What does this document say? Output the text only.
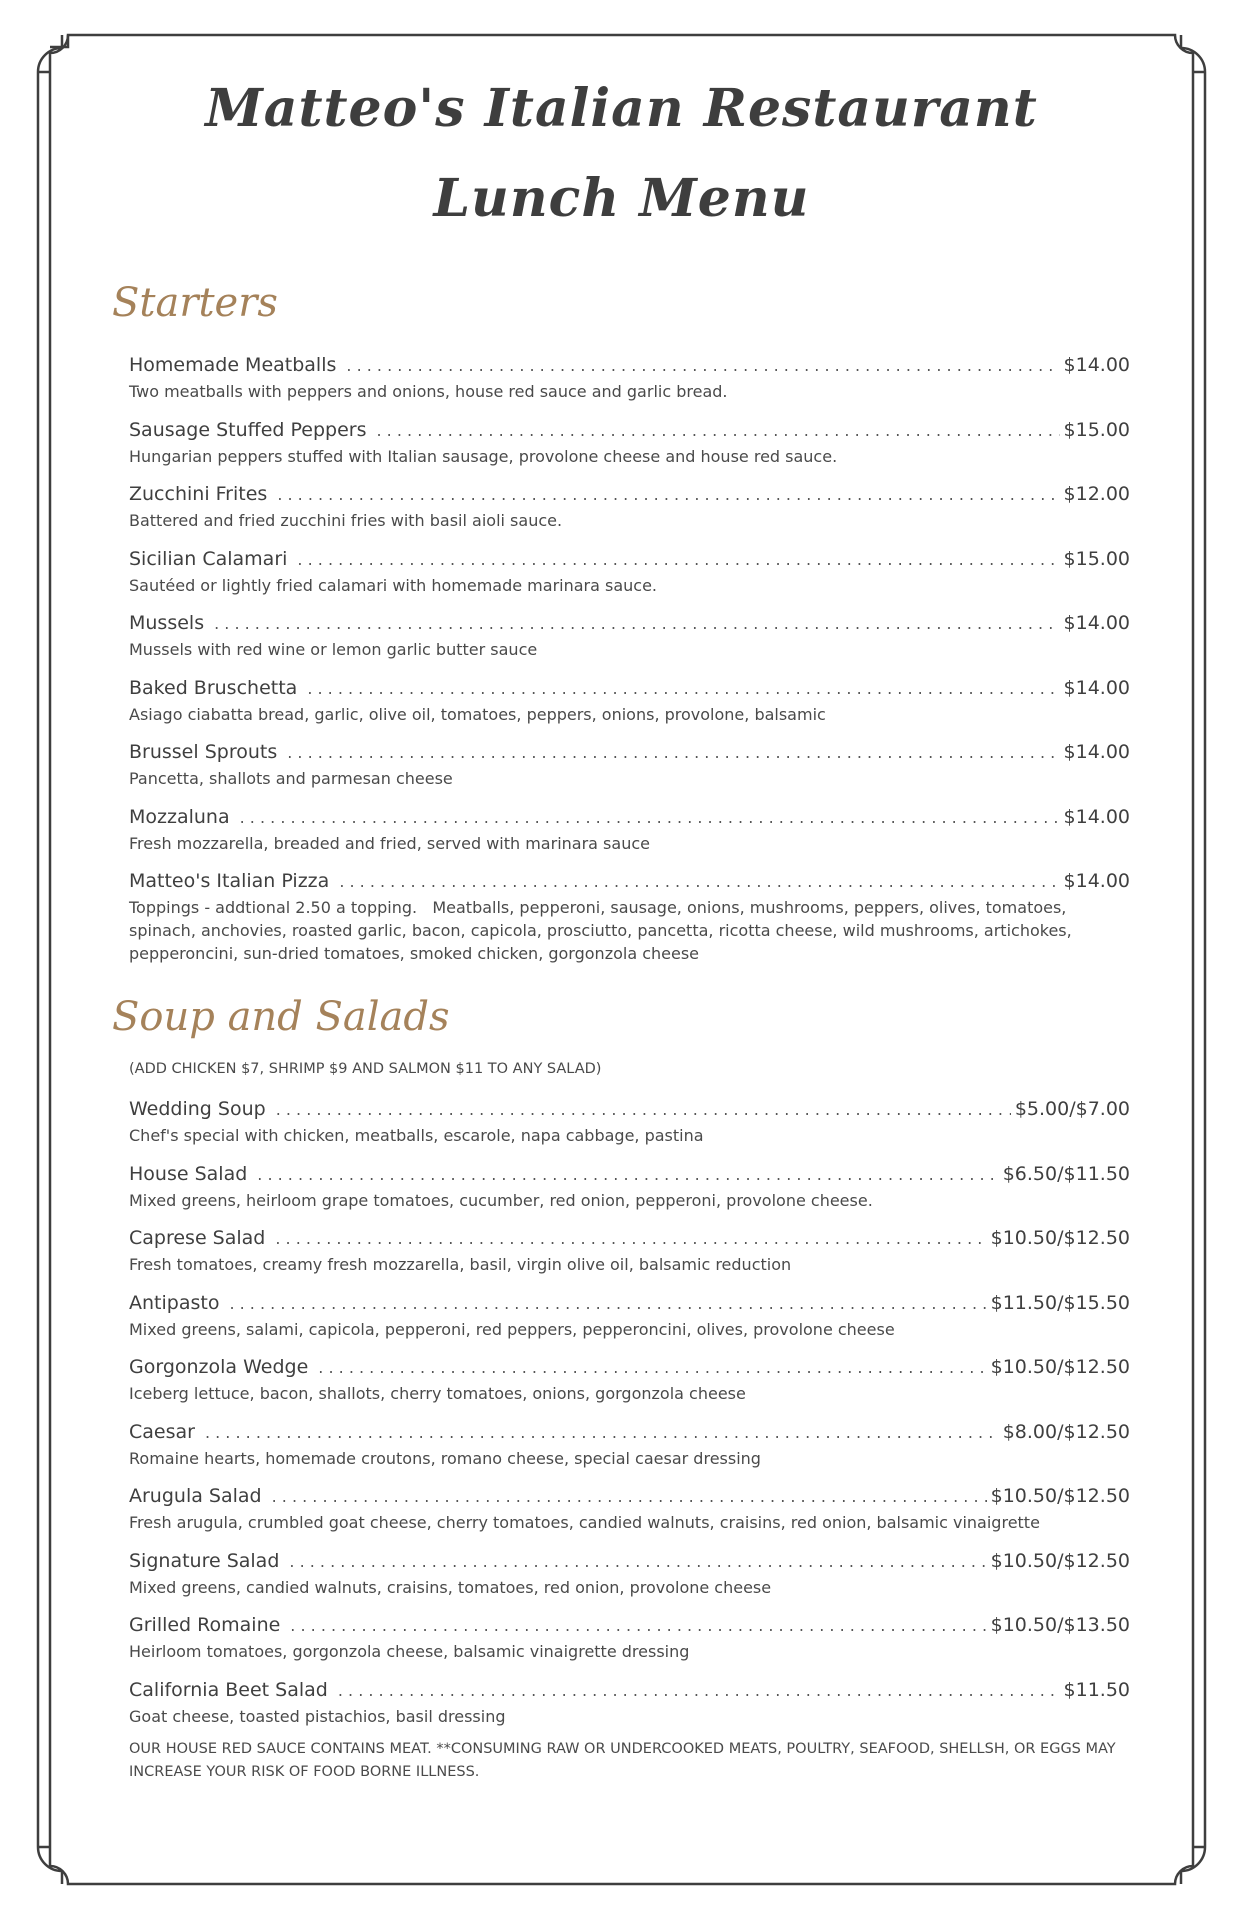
Matteo's Italian Restaurant
Lunch Menu
Starters
Homemade Meatballs . . .	$14.00

Two meatballs with peppers and onions, house red sauce and garlic bread.

Sausage Stuffed Peppers . . .	$15.00

Hungarian peppers stuffed with Italian sausage, provolone cheese and house red sauce.

Zucchini Frites . . .	$12.00

Battered and fried zucchini fries with basil aioli sauce.

Sicilian Calamari . . .	$15.00

Sautéed or lightly fried calamari with homemade marinara sauce.

Mussels . . .	$14.00

Mussels with red wine or lemon garlic butter sauce

Baked Bruschetta . . .	$14.00

Asiago ciabatta bread, garlic, olive oil, tomatoes, peppers, onions, provolone, balsamic

Brussel Sprouts . . .	$14.00

Pancetta, shallots and parmesan cheese

Mozzaluna . . .	$14.00

Fresh mozzarella, breaded and fried, served with marinara sauce

Matteo's Italian Pizza . . .	$14.00

Toppings - addtional 2.50 a topping.   Meatballs, pepperoni, sausage, onions, mushrooms, peppers, olives, tomatoes, spinach, anchovies, roasted garlic, bacon, capicola, prosciutto, pancetta, ricotta cheese, wild mushrooms, artichokes, pepperoncini, sun-dried tomatoes, smoked chicken, gorgonzola cheese

Soup and Salads

(ADD CHICKEN $7, SHRIMP $9 AND SALMON $11 TO ANY SALAD)

Wedding Soup . . .	$5.00/$7.00

Chef's special with chicken, meatballs, escarole, napa cabbage, pastina

House Salad . . .	$6.50/$11.50

Mixed greens, heirloom grape tomatoes, cucumber, red onion, pepperoni, provolone cheese.

Caprese Salad . . .	$10.50/$12.50

Fresh tomatoes, creamy fresh mozzarella, basil, virgin olive oil, balsamic reduction

Antipasto . . .	$11.50/$15.50

Mixed greens, salami, capicola, pepperoni, red peppers, pepperoncini, olives, provolone cheese

Gorgonzola Wedge . . .	$10.50/$12.50

Iceberg lettuce, bacon, shallots, cherry tomatoes, onions, gorgonzola cheese

Caesar . . .	$8.00/$12.50

Romaine hearts, homemade croutons, romano cheese, special caesar dressing

Arugula Salad . . .	$10.50/$12.50

Fresh arugula, crumbled goat cheese, cherry tomatoes, candied walnuts, craisins, red onion, balsamic vinaigrette

Signature Salad . . .	$10.50/$12.50

Mixed greens, candied walnuts, craisins, tomatoes, red onion, provolone cheese

Grilled Romaine . . .	$10.50/$13.50

Heirloom tomatoes, gorgonzola cheese, balsamic vinaigrette dressing

California Beet Salad . . .	$11.50

Goat cheese, toasted pistachios, basil dressing

OUR HOUSE RED SAUCE CONTAINS MEAT. **CONSUMING RAW OR UNDERCOOKED MEATS, POULTRY, SEAFOOD, SHELLSH, OR EGGS MAY INCREASE YOUR RISK OF FOOD BORNE ILLNESS.
